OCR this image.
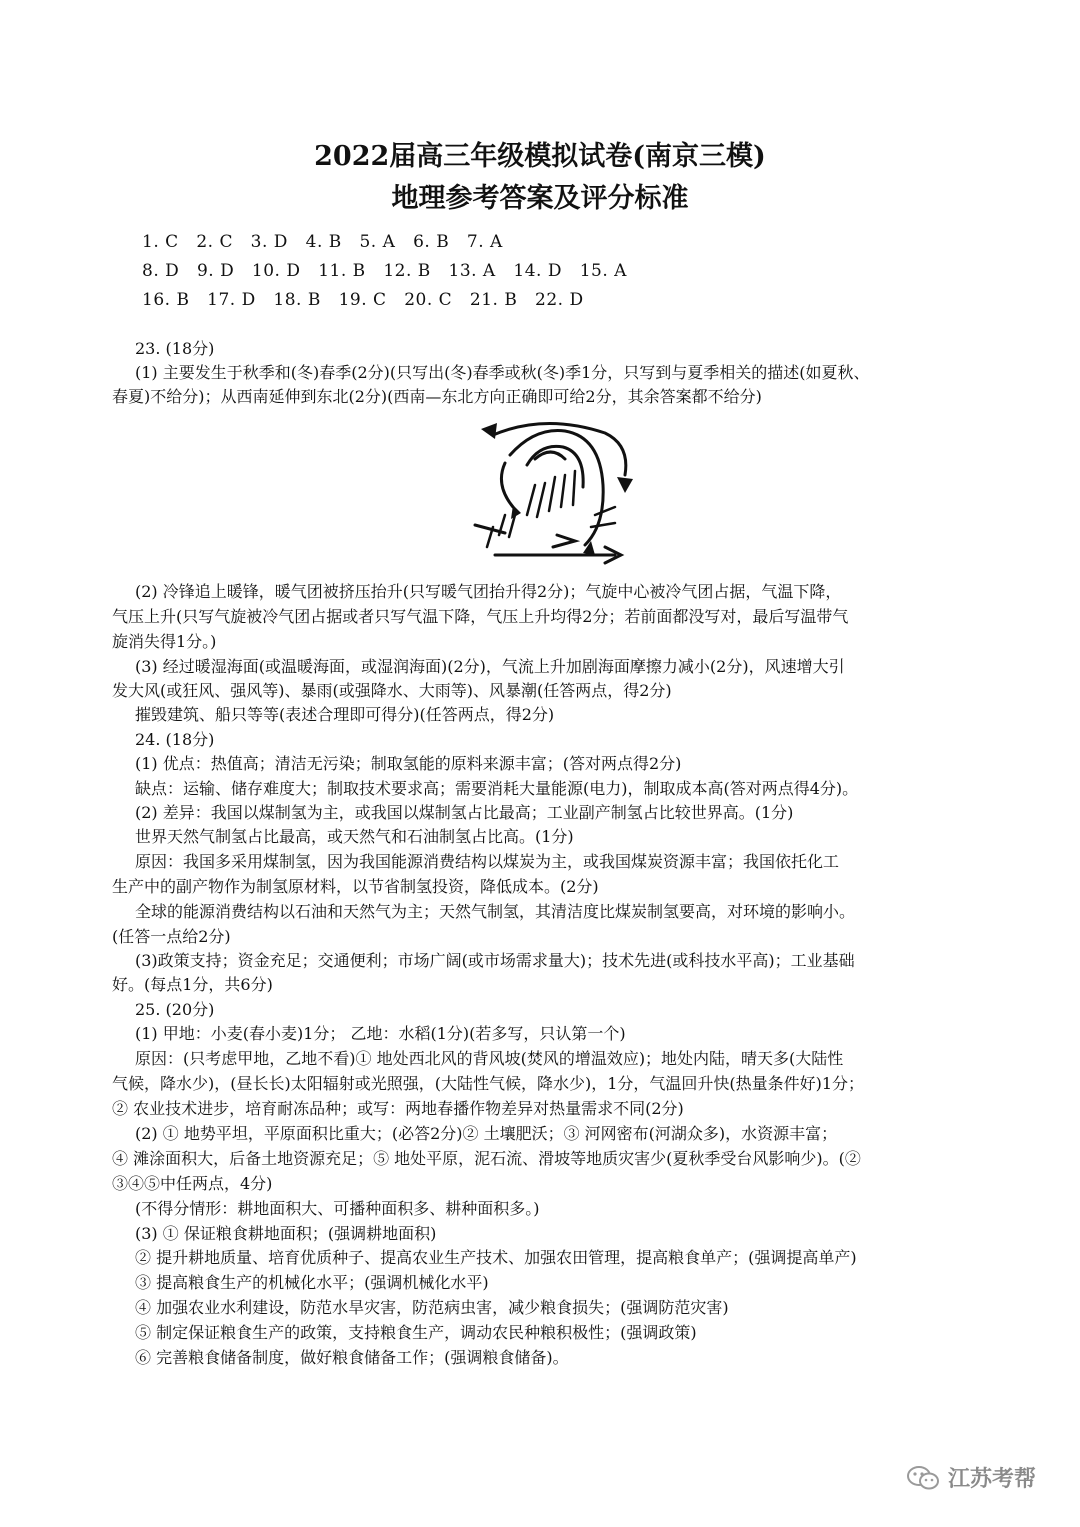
2022届高三年级模拟试卷(南京三模)
地理参考答案及评分标准
1. C   2. C   3. D   4. B   5. A   6. B   7. A
8. D   9. D   10. D   11. B   12. B   13. A   14. D   15. A
16. B   17. D   18. B   19. C   20. C   21. B   22. D
23. (18分)
(1) 主要发生于秋季和(冬)春季(2分)(只写出(冬)春季或秋(冬)季1分，只写到与夏季相关的描述(如夏秋、
春夏)不给分)；从西南延伸到东北(2分)(西南—东北方向正确即可给2分，其余答案都不给分)
(2) 冷锋追上暖锋，暖气团被挤压抬升(只写暖气团抬升得2分)；气旋中心被冷气团占据，气温下降，
气压上升(只写气旋被冷气团占据或者只写气温下降，气压上升均得2分；若前面都没写对，最后写温带气
旋消失得1分。)
(3) 经过暖湿海面(或温暖海面，或湿润海面)(2分)，气流上升加剧海面摩擦力减小(2分)，风速增大引
发大风(或狂风、强风等)、暴雨(或强降水、大雨等)、风暴潮(任答两点，得2分)
摧毁建筑、船只等等(表述合理即可得分)(任答两点，得2分)
24. (18分)
(1) 优点：热值高；清洁无污染；制取氢能的原料来源丰富；(答对两点得2分)
缺点：运输、储存难度大；制取技术要求高；需要消耗大量能源(电力)，制取成本高(答对两点得4分)。
(2) 差异：我国以煤制氢为主，或我国以煤制氢占比最高；工业副产制氢占比较世界高。(1分)
世界天然气制氢占比最高，或天然气和石油制氢占比高。(1分)
原因：我国多采用煤制氢，因为我国能源消费结构以煤炭为主，或我国煤炭资源丰富；我国依托化工
生产中的副产物作为制氢原材料，以节省制氢投资，降低成本。(2分)
全球的能源消费结构以石油和天然气为主；天然气制氢，其清洁度比煤炭制氢要高，对环境的影响小。
(任答一点给2分)
(3)政策支持；资金充足；交通便利；市场广阔(或市场需求量大)；技术先进(或科技水平高)；工业基础
好。(每点1分，共6分)
25. (20分)
(1) 甲地：小麦(春小麦)1分； 乙地：水稻(1分)(若多写，只认第一个)
原因：(只考虑甲地，乙地不看)① 地处西北风的背风坡(焚风的增温效应)；地处内陆，晴天多(大陆性
气候，降水少)，(昼长长)太阳辐射或光照强，(大陆性气候，降水少)，1分，气温回升快(热量条件好)1分；
② 农业技术进步，培育耐冻品种；或写：两地春播作物差异对热量需求不同(2分)
(2) ① 地势平坦，平原面积比重大；(必答2分)② 土壤肥沃；③ 河网密布(河湖众多)，水资源丰富；
④ 滩涂面积大，后备土地资源充足；⑤ 地处平原，泥石流、滑坡等地质灾害少(夏秋季受台风影响少)。(②
③④⑤中任两点，4分)
(不得分情形：耕地面积大、可播种面积多、耕种面积多。)
(3) ① 保证粮食耕地面积；(强调耕地面积)
② 提升耕地质量、培育优质种子、提高农业生产技术、加强农田管理，提高粮食单产；(强调提高单产)
③ 提高粮食生产的机械化水平；(强调机械化水平)
④ 加强农业水利建设，防范水旱灾害，防范病虫害，减少粮食损失；(强调防范灾害)
⑤ 制定保证粮食生产的政策，支持粮食生产，调动农民种粮积极性；(强调政策)
⑥ 完善粮食储备制度，做好粮食储备工作；(强调粮食储备)。
江苏考帮
